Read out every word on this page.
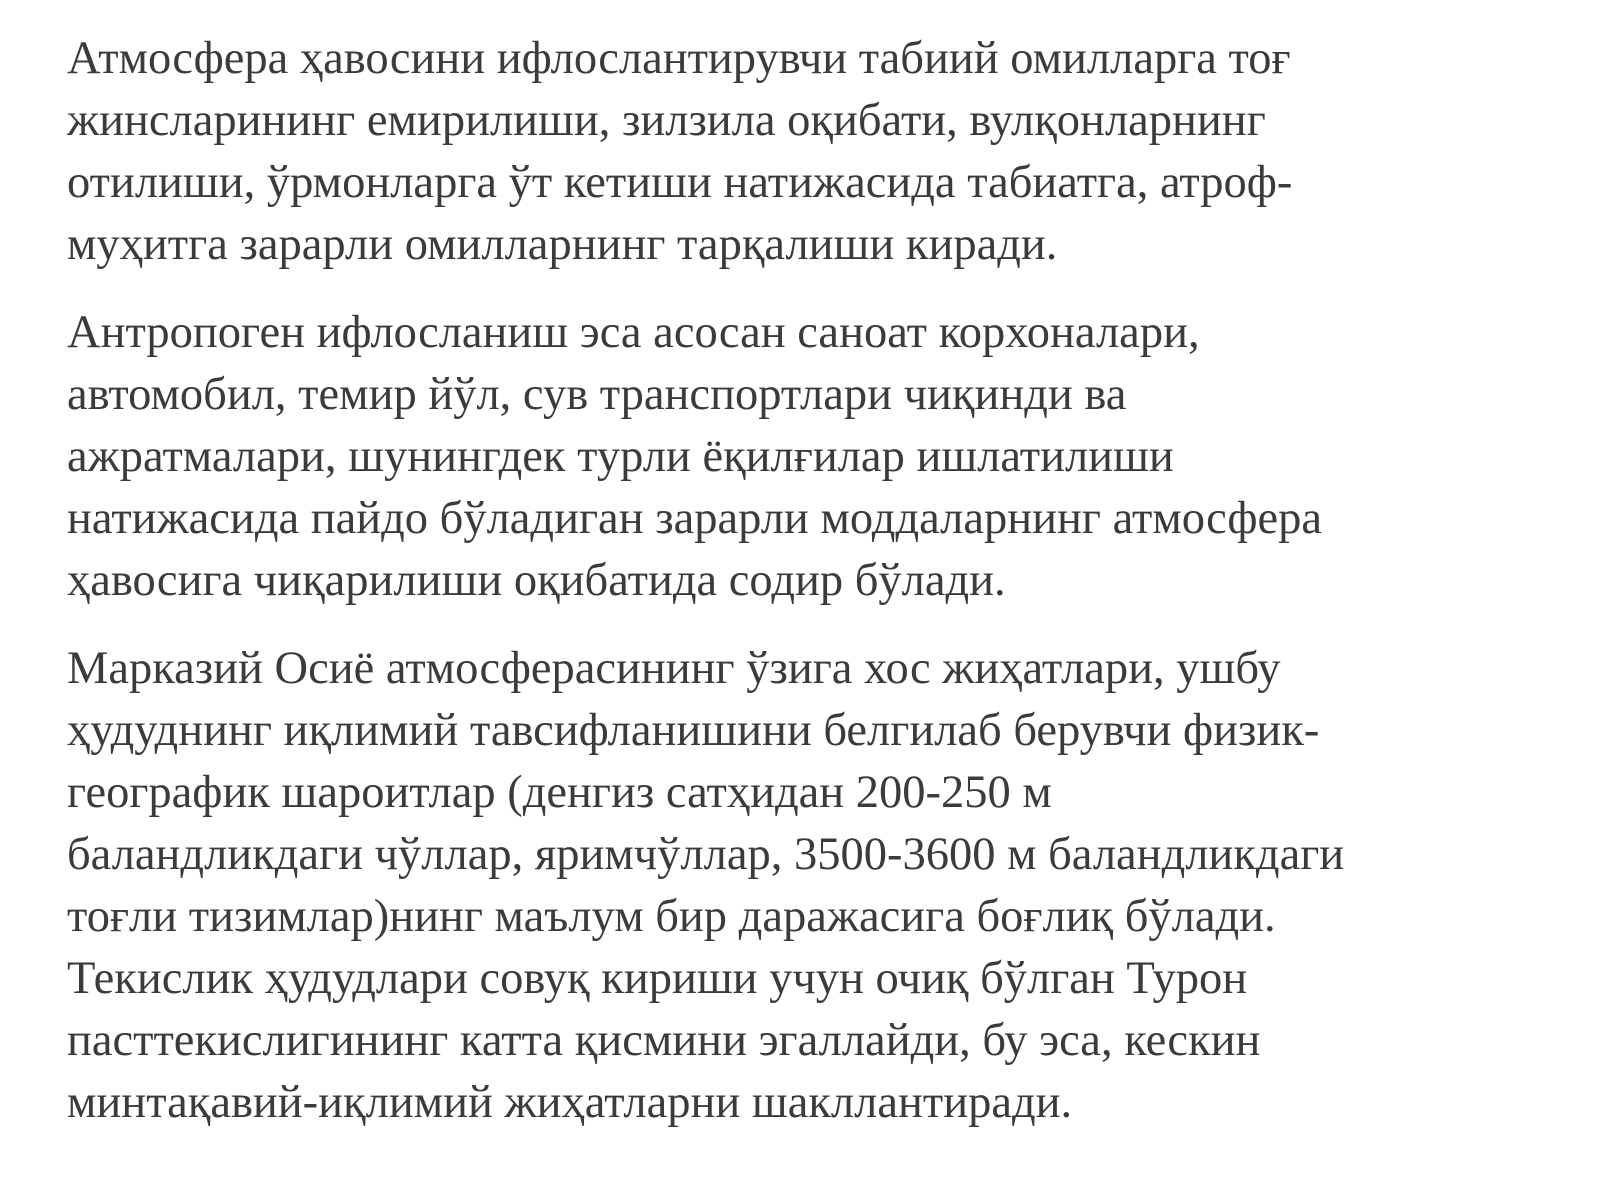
Атмосфера ҳавосини ифлослантирувчи табиий омилларга тоғ
жинсларининг емирилиши, зилзила оқибати, вулқонларнинг
отилиши, ўрмонларга ўт кетиши натижасида табиатга, атроф-
муҳитга зарарли омилларнинг тарқалиши киради.

Антропоген ифлосланиш эса асосан саноат корхоналари,
автомобил, темир йўл, сув транспортлари чиқинди ва
ажратмалари, шунингдек турли ёқилғилар ишлатилиши
натижасида пайдо бўладиган зарарли моддаларнинг атмосфера
ҳавосига чиқарилиши оқибатида содир бўлади.

Марказий Осиё атмосферасининг ўзига хос жиҳатлари, ушбу
ҳудуднинг иқлимий тавсифланишини белгилаб берувчи физик-
географик шароитлар (денгиз сатҳидан 200-250 м
баландликдаги чўллар, яримчўллар, 3500-3600 м баландликдаги
тоғли тизимлар)нинг маълум бир даражасига боғлиқ бўлади.
Текислик ҳудудлари совуқ кириши учун очиқ бўлган Турон
пасттекислигининг катта қисмини эгаллайди, бу эса, кескин
минтақавий-иқлимий жиҳатларни шакллантиради.
